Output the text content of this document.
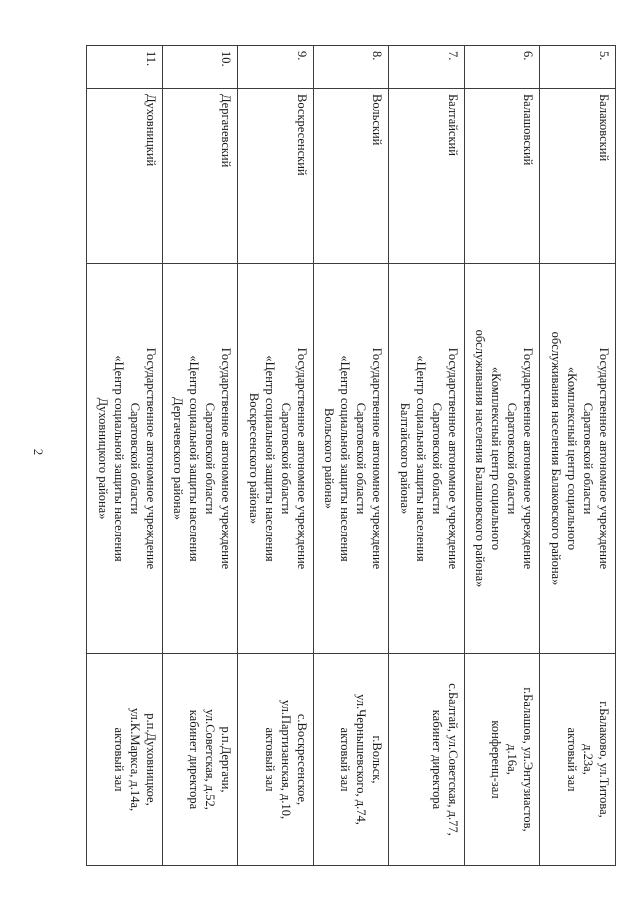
2
5.	Балаковский	Государственное автономное учреждение
Саратовской области
«Комплексный центр социального
обслуживания населения Балаковского района»	г.Балаково, ул.Титова,
д.23а,
актовый зал

6.	Балашовский	Государственное автономное учреждение
Саратовской области
«Комплексный центр социального
обслуживания населения Балашовского района»	г.Балашов, ул.Энтузиастов,
д.16а,
конференц-зал

7.	Балтайский	Государственное автономное учреждение
Саратовской области
«Центр социальной защиты населения
Балтайского района»	с.Балтай, ул.Советская, д.77,
кабинет директора

8.	Вольский	Государственное автономное учреждение
Саратовской области
«Центр социальной защиты населения
Вольского района»	г.Вольск,
ул.Чернышевского, д.74,
актовый зал

9.	Воскресенский	Государственное автономное учреждение
Саратовской области
«Центр социальной защиты населения
Воскресенского района»	с.Воскресенское,
ул.Партизанская, д.10,
актовый зал

10.	Дергачевский	Государственное автономное учреждение
Саратовской области
«Центр социальной защиты населения
Дергачевского района»	р.п.Дергачи,
ул.Советская, д.52,
кабинет директора

11.	Духовницкий	Государственное автономное учреждение
Саратовской области
«Центр социальной защиты населения
Духовницкого района»	р.п.Духовницкое,
ул.К.Маркса, д.14а,
актовый зал
